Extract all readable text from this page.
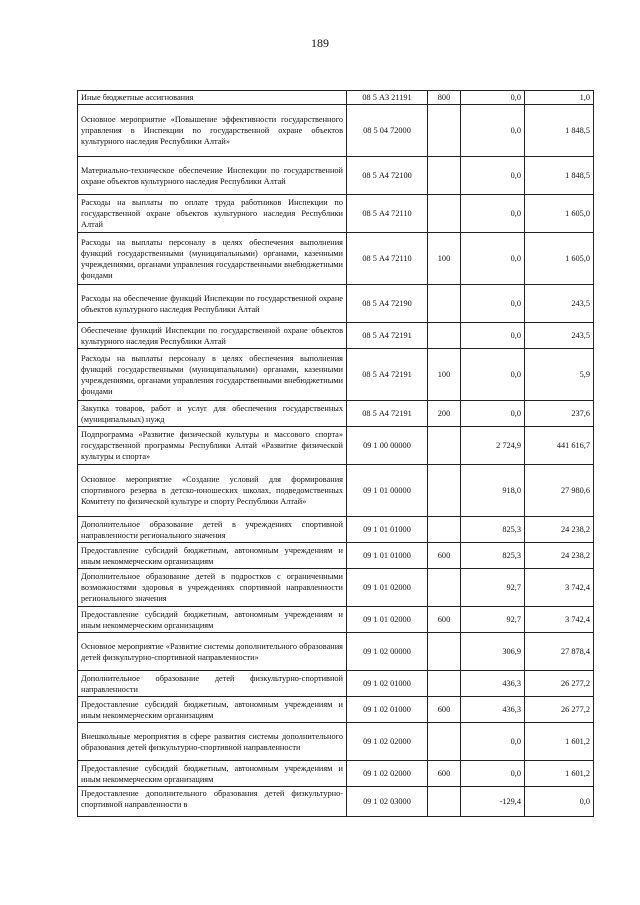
189
Иные бюджетные ассигнования	08 5 А3 21191	800	0,0	1,0
Основное мероприятие «Повышение эффективности государственного управления в Инспекции по государственной охране объектов культурного наследия Республики Алтай»	08 5 04 72000		0,0	1 848,5
Материально-техническое обеспечение Инспекции по государственной охране объектов культурного наследия Республики Алтай	08 5 А4 72100		0,0	1 848,5
Расходы на выплаты по оплате труда работников Инспекции по государственной охране объектов культурного наследия Республики Алтай	08 5 А4 72110		0,0	1 605,0
Расходы на выплаты персоналу в целях обеспечения выполнения функций государственными (муниципальными) органами, казенными учреждениями, органами управления государственными внебюджетными фондами	08 5 А4 72110	100	0,0	1 605,0
Расходы на обеспечение функций Инспекции по государственной охране объектов культурного наследия Республики Алтай	08 5 А4 72190		0,0	243,5
Обеспечение функций Инспекции по государственной охране объектов культурного наследия Республики Алтай	08 5 А4 72191		0,0	243,5
Расходы на выплаты персоналу в целях обеспечения выполнения функций государственными (муниципальными) органами, казенными учреждениями, органами управления государственными внебюджетными фондами	08 5 А4 72191	100	0,0	5,9
Закупка товаров, работ и услуг для обеспечения государственных (муниципальных) нужд	08 5 А4 72191	200	0,0	237,6
Подпрограмма «Развитие физической культуры и массового спорта» государственной программы Республики Алтай «Развитие физической культуры и спорта»	09 1 00 00000		2 724,9	441 616,7
Основное мероприятие «Создание условий для формирования спортивного резерва в детско-юношеских школах, подведомственных Комитету по физической культуре и спорту Республики Алтай»	09 1 01 00000		918,0	27 980,6
Дополнительное образование детей в учреждениях спортивной направленности регионального значения	09 1 01 01000		825,3	24 238,2
Предоставление субсидий бюджетным, автономным учреждениям и иным некоммерческим организациям	09 1 01 01000	600	825,3	24 238,2
Дополнительное образование детей в подростков с ограниченными возможностями здоровья в учреждениях спортивной направленности регионального значения	09 1 01 02000		92,7	3 742,4
Предоставление субсидий бюджетным, автономным учреждениям и иным некоммерческим организациям	09 1 01 02000	600	92,7	3 742,4
Основное мероприятие «Развитие системы дополнительного образования детей физкультурно-спортивной направленности»	09 1 02 00000		306,9	27 878,4
Дополнительное образование детей физкультурно-спортивной направленности	09 1 02 01000		436,3	26 277,2
Предоставление субсидий бюджетным, автономным учреждениям и иным некоммерческим организациям	09 1 02 01000	600	436,3	26 277,2
Внешкольные мероприятия в сфере развития системы дополнительного образования детей физкультурно-спортивной направленности	09 1 02 02000		0,0	1 601,2
Предоставление субсидий бюджетным, автономным учреждениям и иным некоммерческим организациям	09 1 02 02000	600	0,0	1 601,2
Предоставление дополнительного образования детей физкультурно-спортивной направленности в	09 1 02 03000		-129,4	0,0
